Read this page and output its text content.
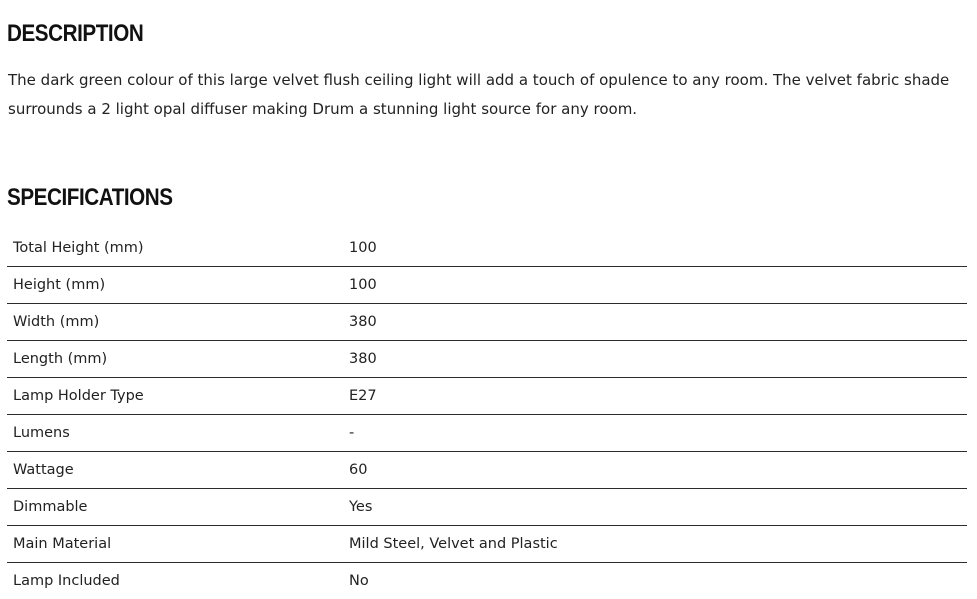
DESCRIPTION

The dark green colour of this large velvet flush ceiling light will add a touch of opulence to any room. The velvet fabric shade surrounds a 2 light opal diffuser making Drum a stunning light source for any room.

SPECIFICATIONS
Total Height (mm)	100
Height (mm)	100
Width (mm)	380
Length (mm)	380
Lamp Holder Type	E27
Lumens	-
Wattage	60
Dimmable	Yes
Main Material	Mild Steel, Velvet and Plastic
Lamp Included	No
